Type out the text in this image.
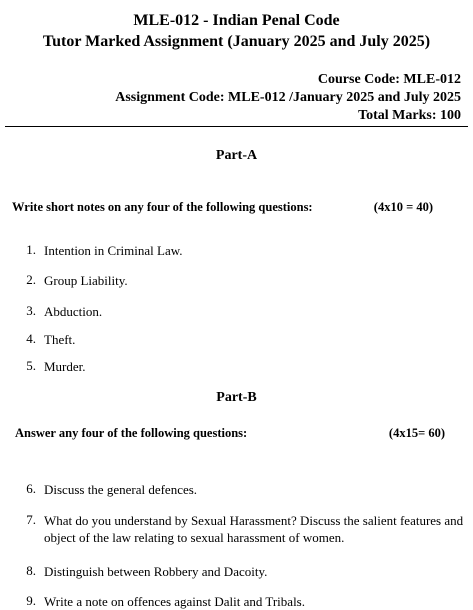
MLE-012 - Indian Penal Code
Tutor Marked Assignment (January 2025 and July 2025)
Course Code: MLE-012
Assignment Code: MLE-012 /January 2025 and July 2025
Total Marks: 100
Part-A
Write short notes on any four of the following questions:	(4x10 = 40)
1. Intention in Criminal Law.
2. Group Liability.
3. Abduction.
4. Theft.
5. Murder.
Part-B
Answer any four of the following questions:	(4x15= 60)
6. Discuss the general defences.
7. What do you understand by Sexual Harassment? Discuss the salient features and object of the law relating to sexual harassment of women.
8. Distinguish between Robbery and Dacoity.
9. Write a note on offences against Dalit and Tribals.
